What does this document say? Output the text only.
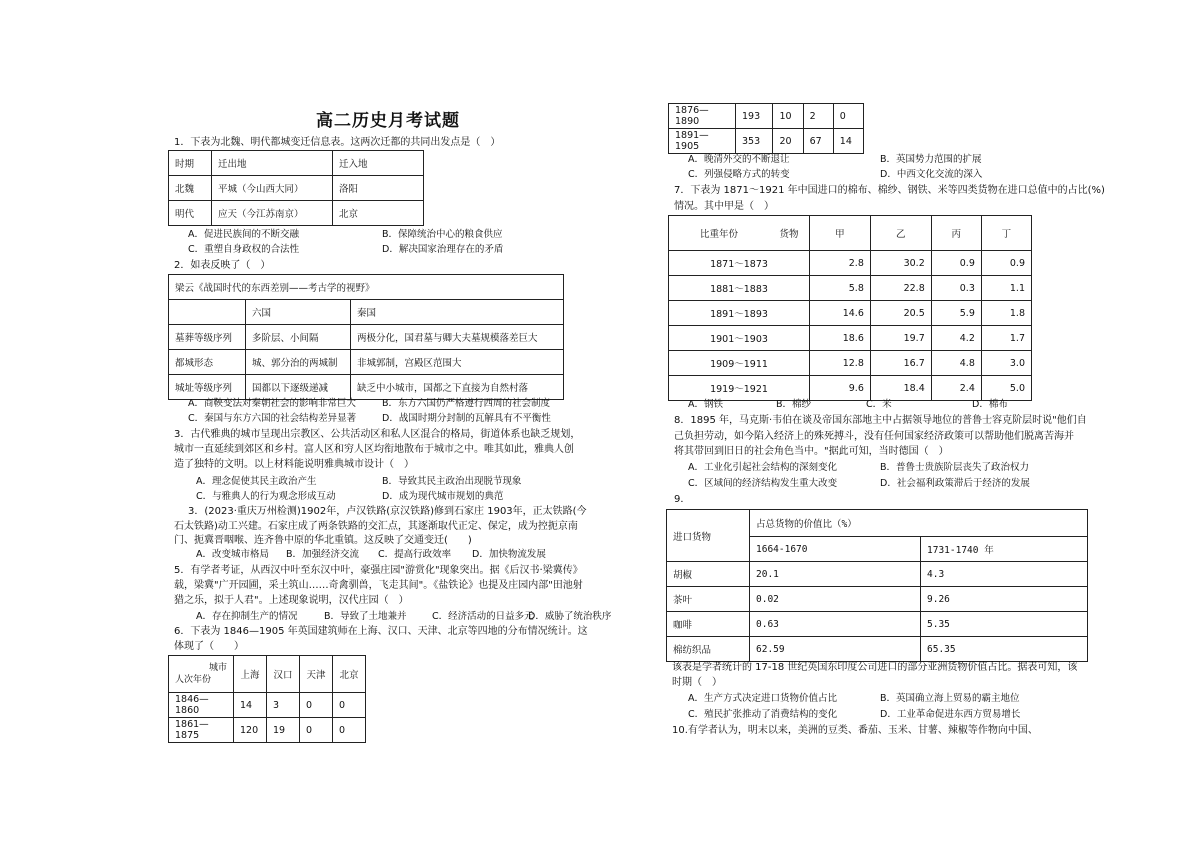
高二历史月考试题
1．下表为北魏、明代都城变迁信息表。这两次迁都的共同出发点是（　）
时期	迁出地	迁入地
北魏	平城（今山西大同）	洛阳
明代	应天（今江苏南京）	北京
A．促进民族间的不断交融	B．保障统治中心的粮食供应
C．重塑自身政权的合法性	D．解决国家治理存在的矛盾
2．如表反映了（　）
梁云《战国时代的东西差别——考古学的视野》		
	六国	秦国
墓葬等级序列	多阶层、小间隔	两极分化，国君墓与卿大夫墓规模落差巨大
都城形态	城、郭分治的两城制	非城郭制，宫殿区范围大
城址等级序列	国都以下逐级递减	缺乏中小城市，国都之下直接为自然村落
A．商鞅变法对秦朝社会的影响非常巨大	B．东方六国仍严格遵行西周的社会制度
C．秦国与东方六国的社会结构差异显著	D．战国时期分封制的瓦解具有不平衡性
3．古代雅典的城市呈现出宗教区、公共活动区和私人区混合的格局，街道体系也缺乏规划，
城市一直延续到郊区和乡村。富人区和穷人区均衔地散布于城市之中。唯其如此，雅典人创
造了独特的文明。以上材料能说明雅典城市设计（　）
A．理念促使其民主政治产生	B．导致其民主政治出现脱节现象
C．与雅典人的行为观念形成互动	D．成为现代城市规划的典范
3．(2023·重庆万州检测)1902年，卢汉铁路(京汉铁路)修到石家庄 1903年，正太铁路(今
石太铁路)动工兴建。石家庄成了两条铁路的交汇点，其逐渐取代正定、保定，成为控扼京南
门、扼冀晋咽喉、连齐鲁中原的华北重镇。这反映了交通变迁(　　)
A．改变城市格局 B．加强经济交流 C．提高行政效率 D．加快物流发展
5．有学者考证，从西汉中叶至东汉中叶，豪强庄园"游赏化"现象突出。据《后汉书·梁冀传》
载，梁冀"广开园圃，采土筑山……奇禽驯兽，飞走其间"。《盐铁论》也提及庄园内部"田池射
猎之乐，拟于人君"。上述现象说明，汉代庄园（　）
A．存在抑制生产的情况	B．导致了土地兼并	C．经济活动的日益多元
D．威胁了统治秩序
6．下表为 1846—1905 年英国建筑师在上海、汉口、天津、北京等四地的分布情况统计。这
体现了（　　）
城市
人次年份	上海	汉口	天津	北京
1846—1860	14	3	0	0
1861—1875	120	19	0	0
1876—1890	193	10	2	0
1891—1905	353	20	67	14
A．晚清外交的不断退让	B．英国势力范围的扩展
C．列强侵略方式的转变	D．中西文化交流的深入
7．下表为 1871～1921 年中国进口的棉布、棉纱、钢铁、米等四类货物在进口总值中的占比(%)
情况。其中甲是（　）
比重年份	货物	甲	乙	丙	丁
1871～1873		2.8	30.2	0.9	0.9
1881～1883		5.8	22.8	0.3	1.1
1891～1893		14.6	20.5	5.9	1.8
1901～1903		18.6	19.7	4.2	1.7
1909～1911		12.8	16.7	4.8	3.0
1919～1921		9.6	18.4	2.4	5.0
A．钢铁	B．棉纱	C．米	D．棉布
8．1895 年，马克斯·韦伯在谈及帝国东部地主中占据领导地位的普鲁士容克阶层时说"他们自
己负担劳动，如今陷入经济上的殊死搏斗，没有任何国家经济政策可以帮助他们脱离苦海并
将其带回到旧日的社会角色当中。"据此可知，当时德国（　）
A．工业化引起社会结构的深刻变化	B．普鲁士贵族阶层丧失了政治权力
C．区域间的经济结构发生重大改变	D．社会福利政策滞后于经济的发展
9．
进口货物	占总货物的价值比（%）	
	1664-1670	1731-1740 年
胡椒	20.1	4.3
茶叶	0.02	9.26
咖啡	0.63	5.35
棉纺织品	62.59	65.35
该表是学者统计的 17-18 世纪英国东印度公司进口的部分亚洲货物价值占比。据表可知，该
时期（　）
A．生产方式决定进口货物价值占比	B．英国确立海上贸易的霸主地位
C．殖民扩张推动了消费结构的变化	D．工业革命促进东西方贸易增长
10.有学者认为，明末以来，美洲的豆类、番茄、玉米、甘薯、辣椒等作物向中国、
